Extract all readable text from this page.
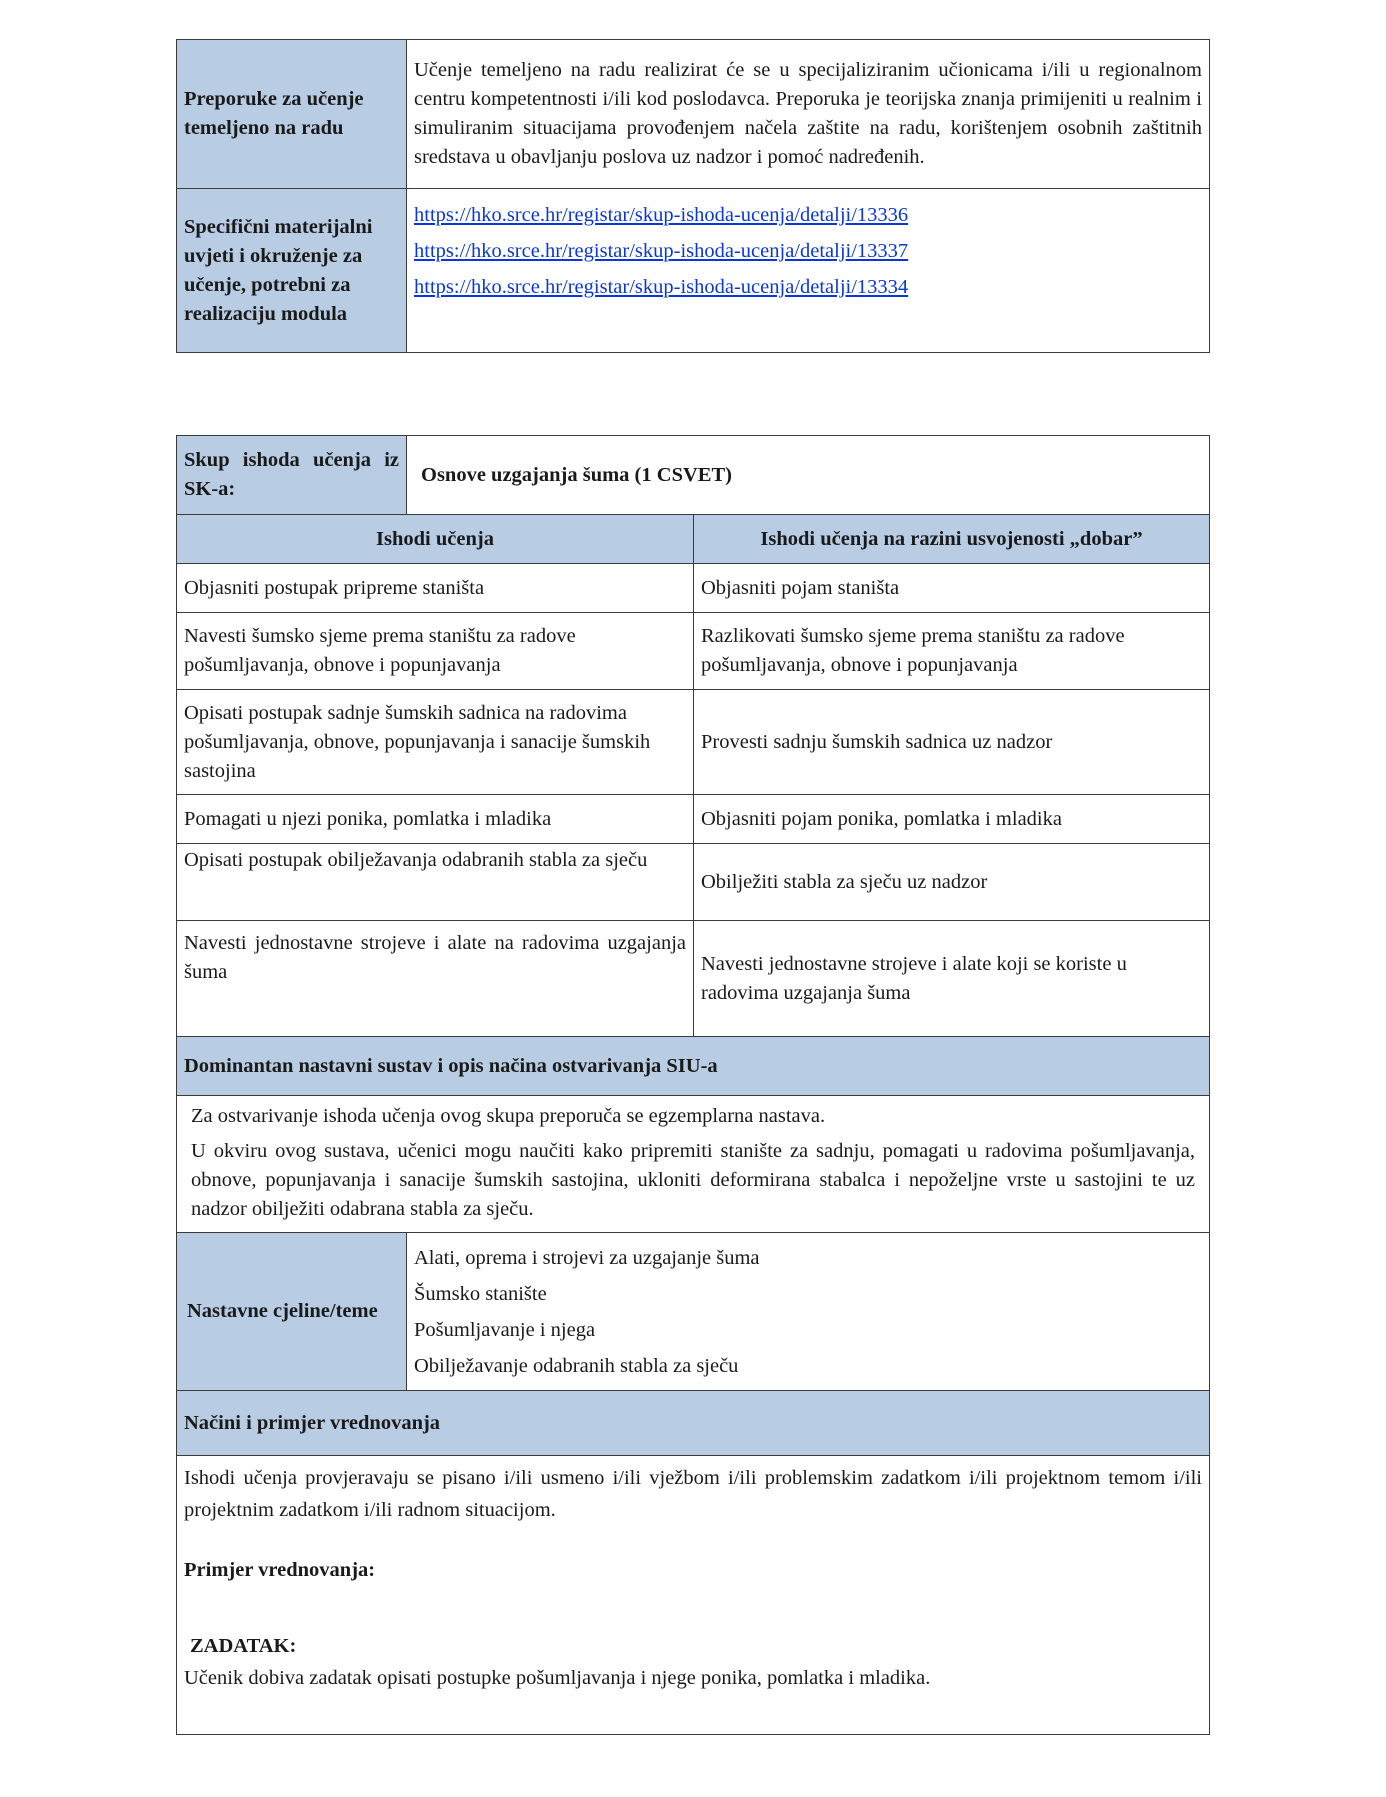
Preporuke za učenje temeljeno na radu	Učenje temeljeno na radu realizirat će se u specijaliziranim učionicama i/ili u regionalnom centru kompetentnosti i/ili kod poslodavca. Preporuka je teorijska znanja primijeniti u realnim i simuliranim situacijama provođenjem načela zaštite na radu, korištenjem osobnih zaštitnih sredstava u obavljanju poslova uz nadzor i pomoć nadređenih.
Specifični materijalni uvjeti i okruženje za učenje, potrebni za realizaciju modula	https://hko.srce.hr/registar/skup-ishoda-ucenja/detalji/13336
https://hko.srce.hr/registar/skup-ishoda-ucenja/detalji/13337
https://hko.srce.hr/registar/skup-ishoda-ucenja/detalji/13334
Skup ishoda učenja iz SK-a:	Osnove uzgajanja šuma (1 CSVET)	
Ishodi učenja		Ishodi učenja na razini usvojenosti „dobar”
Objasniti postupak pripreme staništa		Objasniti pojam staništa
Navesti šumsko sjeme prema staništu za radove pošumljavanja, obnove i popunjavanja		Razlikovati šumsko sjeme prema staništu za radove pošumljavanja, obnove i popunjavanja
Opisati postupak sadnje šumskih sadnica na radovima pošumljavanja, obnove, popunjavanja i sanacije šumskih sastojina		Provesti sadnju šumskih sadnica uz nadzor
Pomagati u njezi ponika, pomlatka i mladika		Objasniti pojam ponika, pomlatka i mladika
Opisati postupak obilježavanja odabranih stabla za sječu		Obilježiti stabla za sječu uz nadzor
Navesti jednostavne strojeve i alate na radovima uzgajanja šuma		Navesti jednostavne strojeve i alate koji se koriste u radovima uzgajanja šuma
Dominantan nastavni sustav i opis načina ostvarivanja SIU-a		

Za ostvarivanje ishoda učenja ovog skupa preporuča se egzemplarna nastava.

U okviru ovog sustava, učenici mogu naučiti kako pripremiti stanište za sadnju, pomagati u radovima pošumljavanja, obnove, popunjavanja i sanacije šumskih sastojina, ukloniti deformirana stabalca i nepoželjne vrste u sastojini te uz nadzor obilježiti odabrana stabla za sječu.		

Nastavne cjeline/teme	Alati, oprema i strojevi za uzgajanje šuma
Šumsko stanište
Pošumljavanje i njega
Obilježavanje odabranih stabla za sječu	

Načini i primjer vrednovanja		

Ishodi učenja provjeravaju se pisano i/ili usmeno i/ili vježbom i/ili problemskim zadatkom i/ili projektnom temom i/ili projektnim zadatkom i/ili radnom situacijom.

Primjer vrednovanja:

ZADATAK:

Učenik dobiva zadatak opisati postupke pošumljavanja i njege ponika, pomlatka i mladika.		
